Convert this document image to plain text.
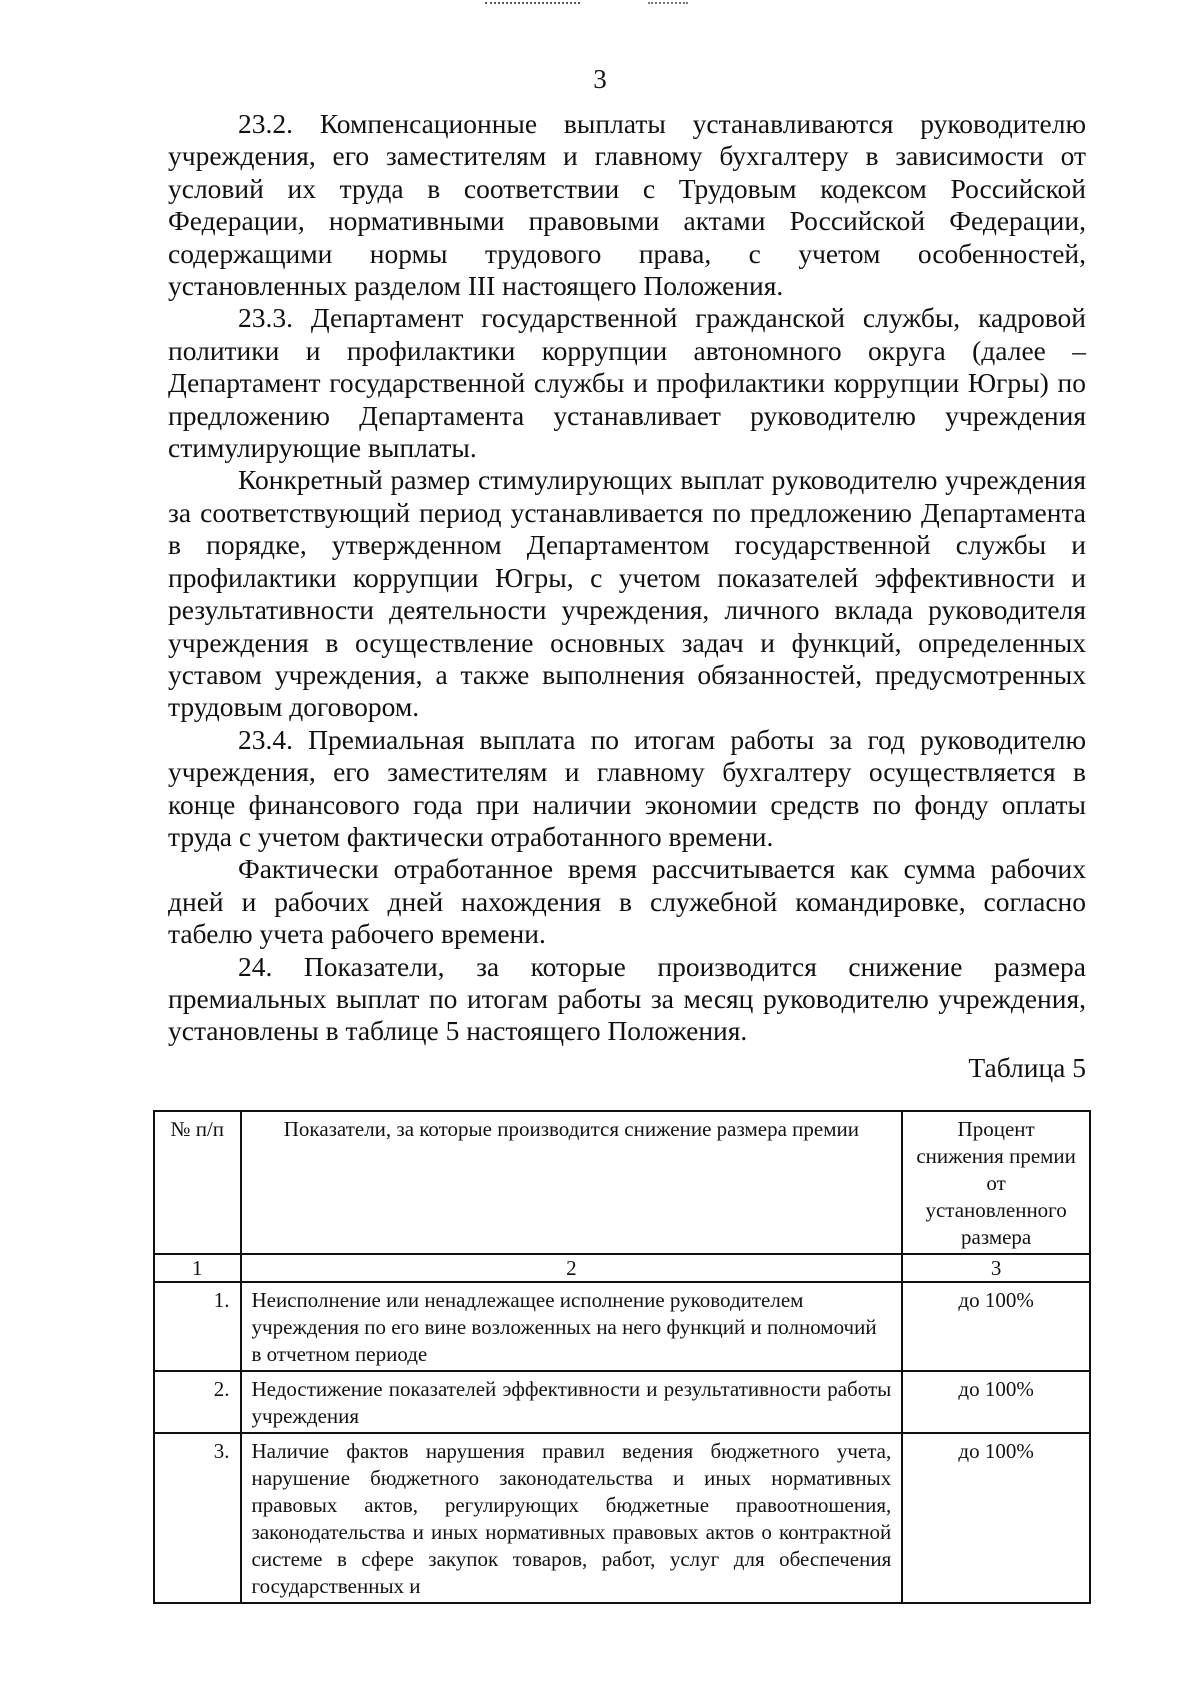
3

23.2. Компенсационные выплаты устанавливаются руководителю учреждения, его заместителям и главному бухгалтеру в зависимости от условий их труда в соответствии с Трудовым кодексом Российской Федерации, нормативными правовыми актами Российской Федерации, содержащими нормы трудового права, с учетом особенностей, установленных разделом III настоящего Положения.

23.3. Департамент государственной гражданской службы, кадровой политики и профилактики коррупции автономного округа (далее – Департамент государственной службы и профилактики коррупции Югры) по предложению Департамента устанавливает руководителю учреждения стимулирующие выплаты.

Конкретный размер стимулирующих выплат руководителю учреждения за соответствующий период устанавливается по предложению Департамента в порядке, утвержденном Департаментом государственной службы и профилактики коррупции Югры, с учетом показателей эффективности и результативности деятельности учреждения, личного вклада руководителя учреждения в осуществление основных задач и функций, определенных уставом учреждения, а также выполнения обязанностей, предусмотренных трудовым договором.

23.4. Премиальная выплата по итогам работы за год руководителю учреждения, его заместителям и главному бухгалтеру осуществляется в конце финансового года при наличии экономии средств по фонду оплаты труда с учетом фактически отработанного времени.

Фактически отработанное время рассчитывается как сумма рабочих дней и рабочих дней нахождения в служебной командировке, согласно табелю учета рабочего времени.

24. Показатели, за которые производится снижение размера премиальных выплат по итогам работы за месяц руководителю учреждения, установлены в таблице 5 настоящего Положения.

Таблица 5
№ п/п	Показатели, за которые производится снижение размера премии	Процент снижения премии от установленного размера
1	2	3
1.	Неисполнение или ненадлежащее исполнение руководителем учреждения по его вине возложенных на него функций и полномочий в отчетном периоде	до 100%
2.	Недостижение показателей эффективности и результативности работы учреждения	до 100%
3.	Наличие фактов нарушения правил ведения бюджетного учета, нарушение бюджетного законодательства и иных нормативных правовых актов, регулирующих бюджетные правоотношения, законодательства и иных нормативных правовых актов о контрактной системе в сфере закупок товаров, работ, услуг для обеспечения государственных и	до 100%
